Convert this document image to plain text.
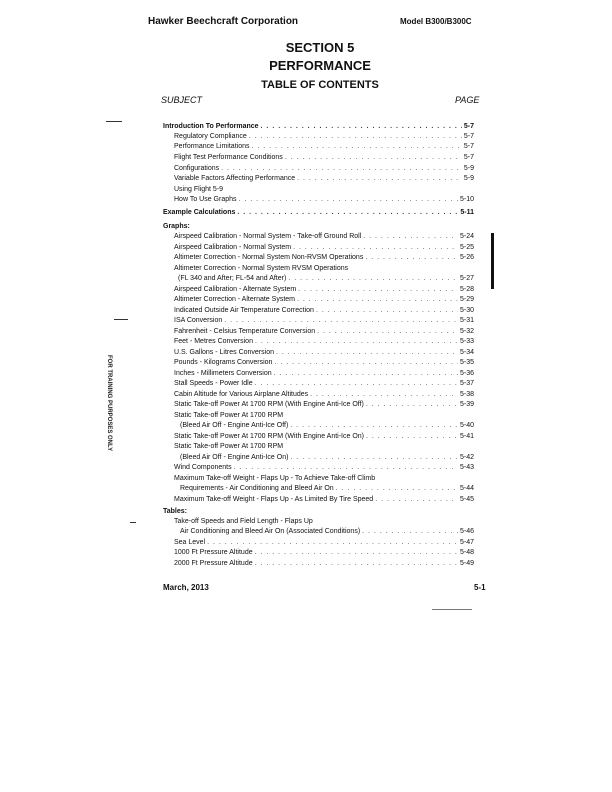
Hawker Beechcraft Corporation	Model B300/B300C
SECTION 5
PERFORMANCE
TABLE OF CONTENTS
SUBJECT	PAGE
FOR TRAINING PURPOSES ONLY
Introduction To Performance . . .	5-7
Regulatory Compliance . . .	5-7
Performance Limitations . . .	5-7
Flight Test Performance Conditions . . .	5-7
Configurations . . .	5-9
Variable Factors Affecting Performance . . .	5-9
Using Flight 5-9
How To Use Graphs . . .	5-10
Example Calculations . . .	5-11
Graphs:
Airspeed Calibration - Normal System - Take-off Ground Roll . . .	5-24
Airspeed Calibration - Normal System . . .	5-25
Altimeter Correction - Normal System Non-RVSM Operations . . .	5-26
Altimeter Correction - Normal System RVSM Operations
(FL 340 and After; FL-54 and After) . . .	5-27
Airspeed Calibration - Alternate System . . .	5-28
Altimeter Correction - Alternate System . . .	5-29
Indicated Outside Air Temperature Correction . . .	5-30
ISA Conversion . . .	5-31
Fahrenheit - Celsius Temperature Conversion . . .	5-32
Feet - Metres Conversion . . .	5-33
U.S. Gallons - Litres Conversion . . .	5-34
Pounds - Kilograms Conversion . . .	5-35
Inches - Millimeters Conversion . . .	5-36
Stall Speeds - Power Idle . . .	5-37
Cabin Altitude for Various Airplane Altitudes . . .	5-38
Static Take-off Power At 1700 RPM (With Engine Anti-Ice Off) . . .	5-39
Static Take-off Power At 1700 RPM
(Bleed Air Off - Engine Anti-Ice Off) . . .	5-40
Static Take-off Power At 1700 RPM (With Engine Anti-Ice On) . . .	5-41
Static Take-off Power At 1700 RPM
(Bleed Air Off - Engine Anti-Ice On) . . .	5-42
Wind Components . . .	5-43
Maximum Take-off Weight - Flaps Up - To Achieve Take-off Climb
Requirements - Air Conditioning and Bleed Air On . . .	5-44
Maximum Take-off Weight - Flaps Up - As Limited By Tire Speed . . .	5-45
Tables:
Take-off Speeds and Field Length - Flaps Up
Air Conditioning and Bleed Air On (Associated Conditions) . . .	5-46
Sea Level . . .	5-47
1000 Ft Pressure Altitude . . .	5-48
2000 Ft Pressure Altitude . . .	5-49
March, 2013	5-1
